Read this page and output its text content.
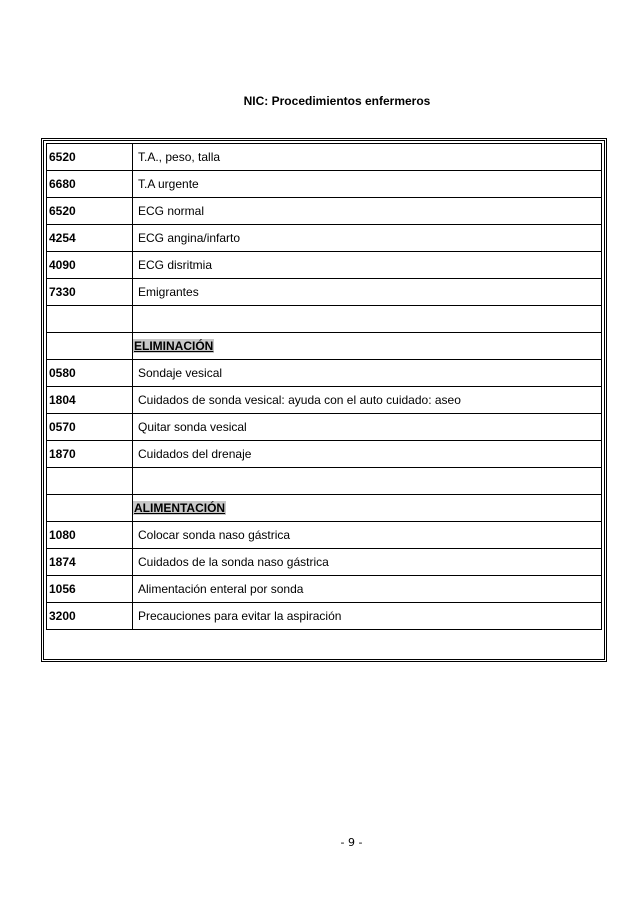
NIC: Procedimientos enfermeros
6520	T.A., peso, talla
6680	T.A urgente
6520	ECG normal
4254	ECG angina/infarto
4090	ECG disritmia
7330	Emigrantes

	ELIMINACIÓN
0580	Sondaje vesical
1804	Cuidados de sonda vesical: ayuda con el auto cuidado: aseo
0570	Quitar sonda vesical
1870	Cuidados del drenaje

	ALIMENTACIÓN
1080	Colocar sonda naso gástrica
1874	Cuidados de la sonda naso gástrica
1056	Alimentación enteral por sonda
3200	Precauciones para evitar la aspiración
- 9 -
